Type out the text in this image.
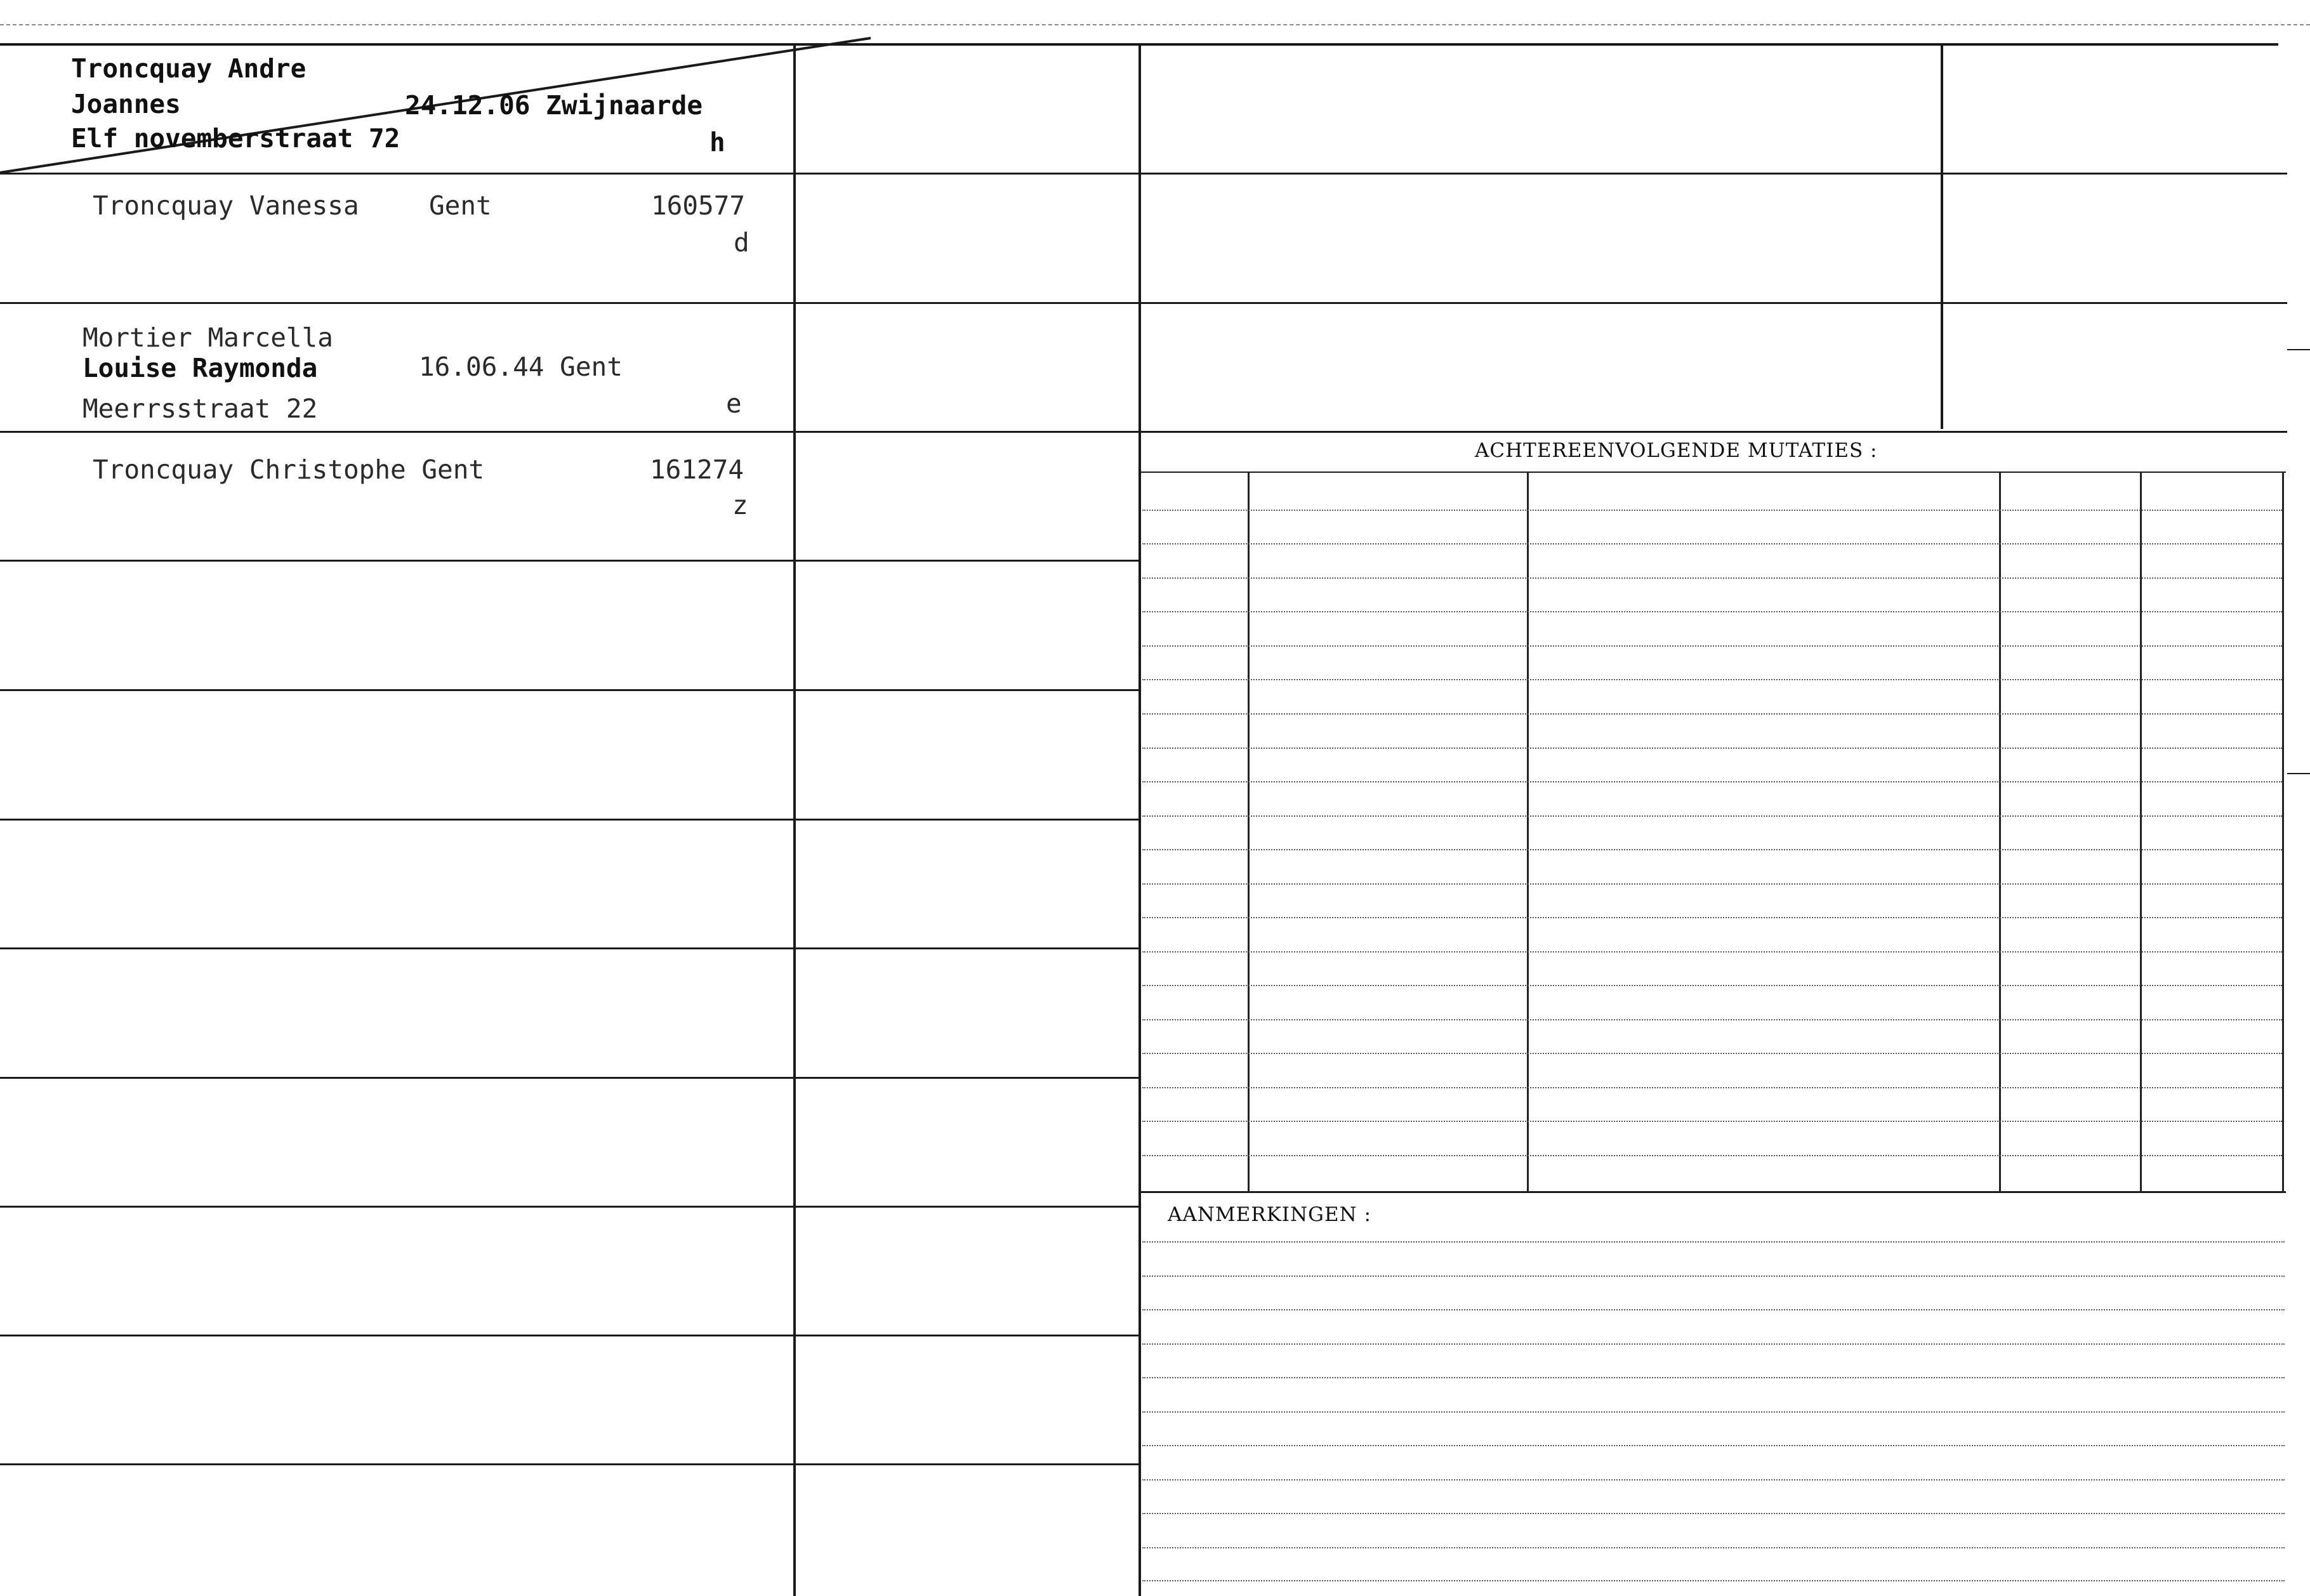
Troncquay Andre
Joannes	24.12.06 Zwijnaarde
Elf novemberstraat 72	h
Troncquay Vanessa	Gent	160577
d
Mortier Marcella
Louise Raymonda	16.06.44 Gent
Meerrsstraat 22	e
Troncquay Christophe Gent	161274
z
ACHTEREENVOLGENDE MUTATIES :
AANMERKINGEN :
